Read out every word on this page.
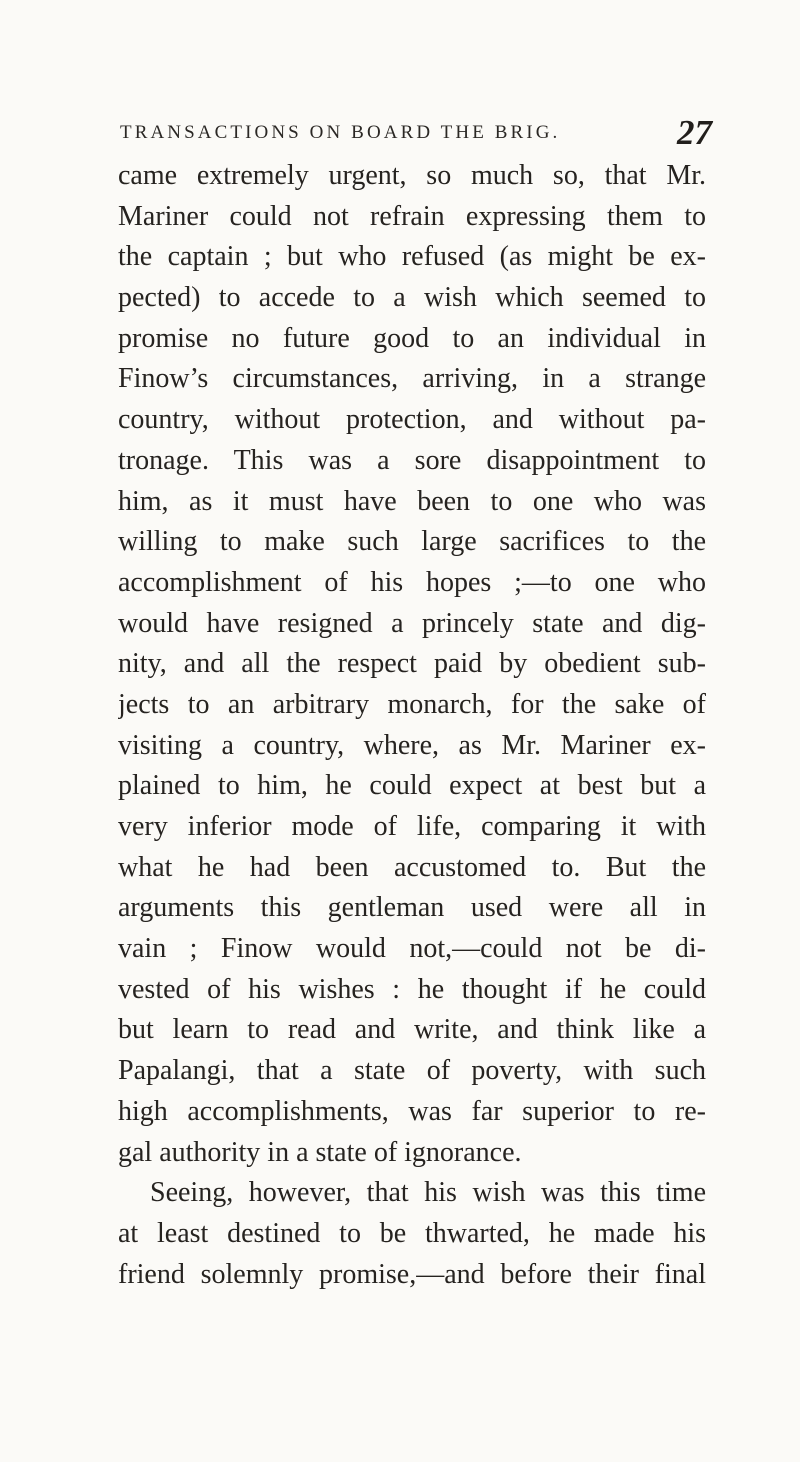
TRANSACTIONS ON BOARD THE BRIG.	27
came extremely urgent, so much so, that Mr.
Mariner could not refrain expressing them to
the captain ; but who refused (as might be ex-
pected) to accede to a wish which seemed to
promise no future good to an individual in
Finow’s circumstances, arriving, in a strange
country, without protection, and without pa-
tronage. This was a sore disappointment to
him, as it must have been to one who was
willing to make such large sacrifices to the
accomplishment of his hopes ;—to one who
would have resigned a princely state and dig-
nity, and all the respect paid by obedient sub-
jects to an arbitrary monarch, for the sake of
visiting a country, where, as Mr. Mariner ex-
plained to him, he could expect at best but a
very inferior mode of life, comparing it with
what he had been accustomed to. But the
arguments this gentleman used were all in
vain ; Finow would not,—could not be di-
vested of his wishes : he thought if he could
but learn to read and write, and think like a
Papalangi, that a state of poverty, with such
high accomplishments, was far superior to re-
gal authority in a state of ignorance.
Seeing, however, that his wish was this time
at least destined to be thwarted, he made his
friend solemnly promise,—and before their final
